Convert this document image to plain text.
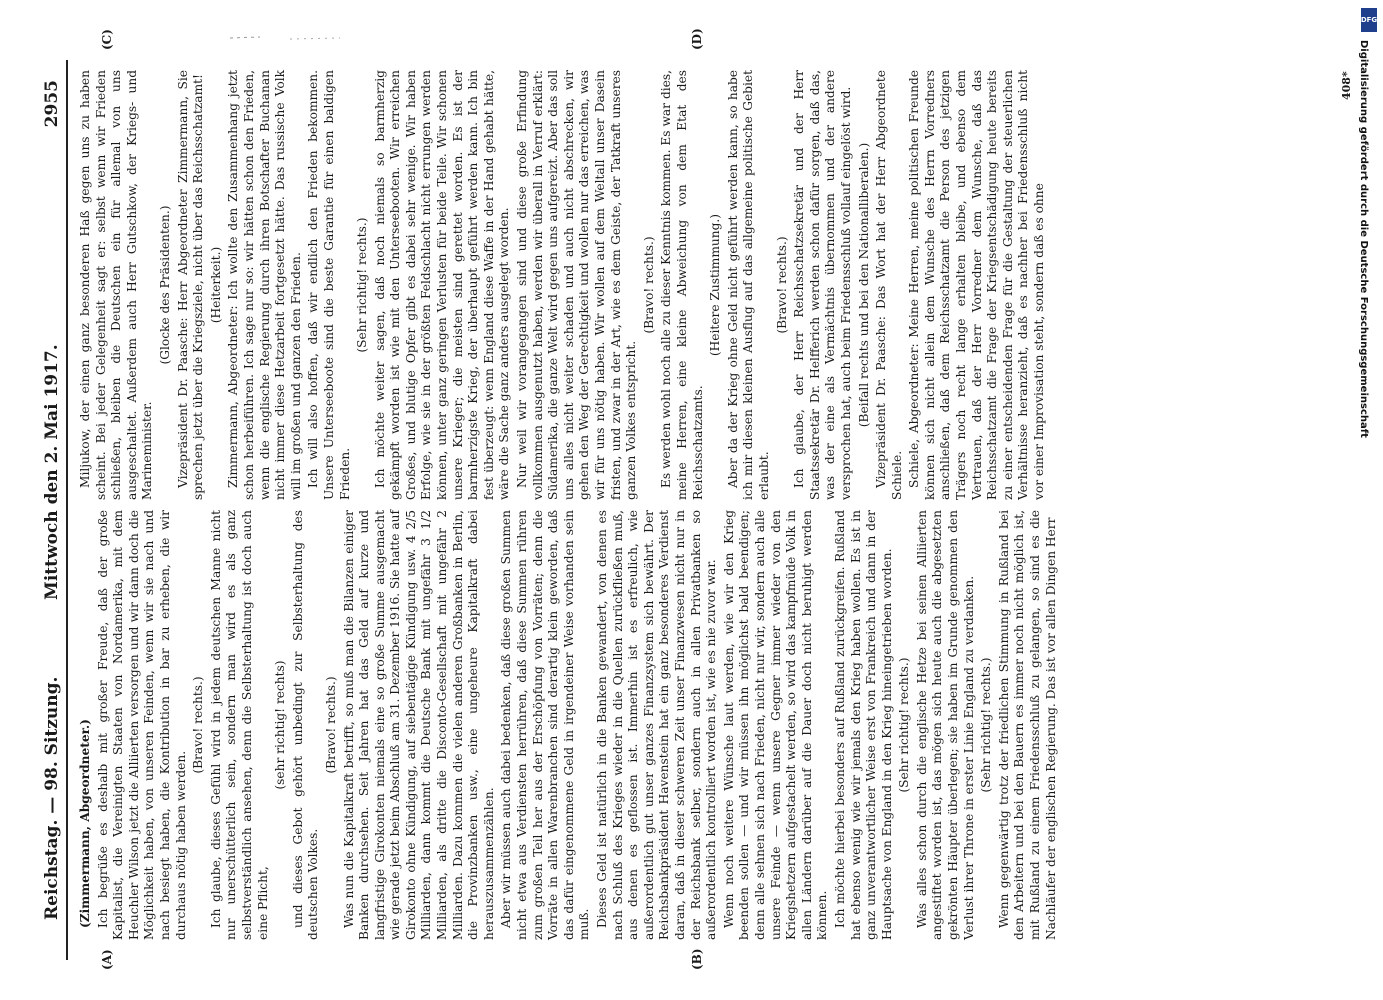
Reichstag. — 98. Sitzung.
Mittwoch den 2. Mai 1917.
2955
(A)	(B)
(C)	(D)

(Zimmermann, Abgeordneter.) Ich begrüße es deshalb mit großer Freude, daß der große Kapitalist, die Vereinigten Staaten von Nordamerika, mit dem Heuchler Wilson jetzt die Alliierten versorgen und wir dann doch die Möglichkeit haben, von unseren Feinden, wenn wir sie nach und nach besiegt haben, die Kontribution in bar zu erheben, die wir durchaus nötig haben werden.

(Bravo! rechts.) Ich glaube, dieses Gefühl wird in jedem deutschen Manne nicht nur unerschütterlich sein, sondern man wird es als ganz selbstverständlich ansehen, denn die Selbsterhaltung ist doch auch eine Pflicht,

(sehr richtig! rechts) und dieses Gebot gehört unbedingt zur Selbsterhaltung des deutschen Volkes.

(Bravo! rechts.) Was nun die Kapitalkraft betrifft, so muß man die Bilanzen einiger Banken durchsehen. Seit Jahren hat das Geld auf kurze und langfristige Girokonten niemals eine so große Summe ausgemacht wie gerade jetzt beim Abschluß am 31. Dezember 1916. Sie hatte auf Girokonto ohne Kündigung, auf siebentägige Kündigung usw. 4 2/5 Milliarden, dann kommt die Deutsche Bank mit ungefähr 3 1/2 Milliarden, als dritte die Disconto-Gesellschaft mit ungefähr 2 Milliarden. Dazu kommen die vielen anderen Großbanken in Berlin, die Provinzbanken usw., eine ungeheure Kapitalkraft dabei herauszusammenzählen. Aber wir müssen auch dabei bedenken, daß diese großen Summen nicht etwa aus Verdiensten herrühren, daß diese Summen rühren zum großen Teil her aus der Erschöpfung von Vorräten; denn die Vorräte in allen Warenbranchen sind derartig klein geworden, daß das dafür eingenommene Geld in irgendeiner Weise vorhanden sein muß. Dieses Geld ist natürlich in die Banken gewandert, von denen es nach Schluß des Krieges wieder in die Quellen zurückfließen muß, aus denen es geflossen ist. Immerhin ist es erfreulich, wie außerordentlich gut unser ganzes Finanzsystem sich bewährt. Der Reichsbankpräsident Havenstein hat ein ganz besonderes Verdienst daran, daß in dieser schweren Zeit unser Finanzwesen nicht nur in der Reichsbank selber, sondern auch in allen Privatbanken so außerordentlich kontrolliert worden ist, wie es nie zuvor war. Wenn noch weitere Wünsche laut werden, wie wir den Krieg beenden sollen — und wir müssen ihn möglichst bald beendigen; denn alle sehnen sich nach Frieden, nicht nur wir, sondern auch alle unsere Feinde — wenn unsere Gegner immer wieder von den Kriegshetzern aufgestachelt werden, so wird das kampfmüde Volk in allen Ländern darüber auf die Dauer doch nicht beruhigt werden können. Ich möchte hierbei besonders auf Rußland zurückgreifen. Rußland hat ebenso wenig wie wir jemals den Krieg haben wollen. Es ist in ganz unverantwortlicher Weise erst von Frankreich und dann in der Hauptsache von England in den Krieg hineingetrieben worden. (Sehr richtig! rechts.) Was alles schon durch die englische Hetze bei seinen Alliierten angestiftet worden ist, das mögen sich heute auch die abgesetzten gekrönten Häupter überlegen; sie haben im Grunde genommen den Verlust ihrer Throne in erster Linie England zu verdanken. (Sehr richtig! rechts.) Wenn gegenwärtig trotz der friedlichen Stimmung in Rußland bei den Arbeitern und bei den Bauern es immer noch nicht möglich ist, mit Rußland zu einem Friedensschluß zu gelangen, so sind es die Nachläufer der englischen Regierung. Das ist vor allen Dingen Herr

Miljukow, der einen ganz besonderen Haß gegen uns zu haben scheint. Bei jeder Gelegenheit sagt er: selbst wenn wir Frieden schließen, bleiben die Deutschen ein für allemal von uns ausgeschaltet. Außerdem auch Herr Gutschkow, der Kriegs- und Marineminister.

(Glocke des Präsidenten.) Vizepräsident Dr. Paasche: Herr Abgeordneter Zimmermann, Sie sprechen jetzt über die Kriegsziele, nicht über das Reichsschatzamt! (Heiterkeit.) Zimmermann, Abgeordneter: Ich wollte den Zusammenhang jetzt schon herbeiführen. Ich sage nur so: wir hätten schon den Frieden, wenn die englische Regierung durch ihren Botschafter Buchanan nicht immer diese Hetzarbeit fortgesetzt hätte. Das russische Volk will im großen und ganzen den Frieden. Ich will also hoffen, daß wir endlich den Frieden bekommen. Unsere Unterseeboote sind die beste Garantie für einen baldigen Frieden.

(Sehr richtig! rechts.) Ich möchte weiter sagen, daß noch niemals so barmherzig gekämpft worden ist wie mit den Unterseebooten. Wir erreichen Großes, und blutige Opfer gibt es dabei sehr wenige. Wir haben Erfolge, wie sie in der größten Feldschlacht nicht errungen werden können, unter ganz geringen Verlusten für beide Teile. Wir schonen unsere Krieger; die meisten sind gerettet worden. Es ist der barmherzigste Krieg, der überhaupt geführt werden kann. Ich bin fest überzeugt: wenn England diese Waffe in der Hand gehabt hätte, wäre die Sache ganz anders ausgelegt worden. Nur weil wir vorangegangen sind und diese große Erfindung vollkommen ausgenutzt haben, werden wir überall in Verruf erklärt: Südamerika, die ganze Welt wird gegen uns aufgereizt. Aber das soll uns alles nicht weiter schaden und auch nicht abschrecken, wir gehen den Weg der Gerechtigkeit und wollen nur das erreichen, was wir für uns nötig haben. Wir wollen auf dem Weltall unser Dasein fristen, und zwar in der Art, wie es dem Geiste, der Tatkraft unseres ganzen Volkes entspricht.

(Bravo! rechts.) Es werden wohl noch alle zu dieser Kenntnis kommen. Es war dies, meine Herren, eine kleine Abweichung von dem Etat des Reichsschatzamts.

(Heitere Zustimmung.) Aber da der Krieg ohne Geld nicht geführt werden kann, so habe ich mir diesen kleinen Ausflug auf das allgemeine politische Gebiet erlaubt.

(Bravo! rechts.) Ich glaube, der Herr Reichsschatzsekretär und der Herr Staatssekretär Dr. Helfferich werden schon dafür sorgen, daß das, was der eine als Vermächtnis übernommen und der andere versprochen hat, auch beim Friedensschluß vollauf eingelöst wird. (Beifall rechts und bei den Nationalliberalen.) Vizepräsident Dr. Paasche: Das Wort hat der Herr Abgeordnete Schiele. Schiele, Abgeordneter: Meine Herren, meine politischen Freunde können sich nicht allein dem Wunsche des Herrn Vorredners anschließen, daß dem Reichsschatzamt die Person des jetzigen Trägers noch recht lange erhalten bleibe, und ebenso dem Vertrauen, daß der Herr Vorredner dem Wunsche, daß das Reichsschatzamt die Frage der Kriegsentschädigung heute bereits zu einer entscheidenden Frage für die Gestaltung der steuerlichen Verhältnisse heranzieht, daß es nachher bei Friedensschluß nicht vor einer Improvisation steht, sondern daß es ohne

408*
DFG
Digitalisierung gefördert durch die Deutsche Forschungsgemeinschaft
